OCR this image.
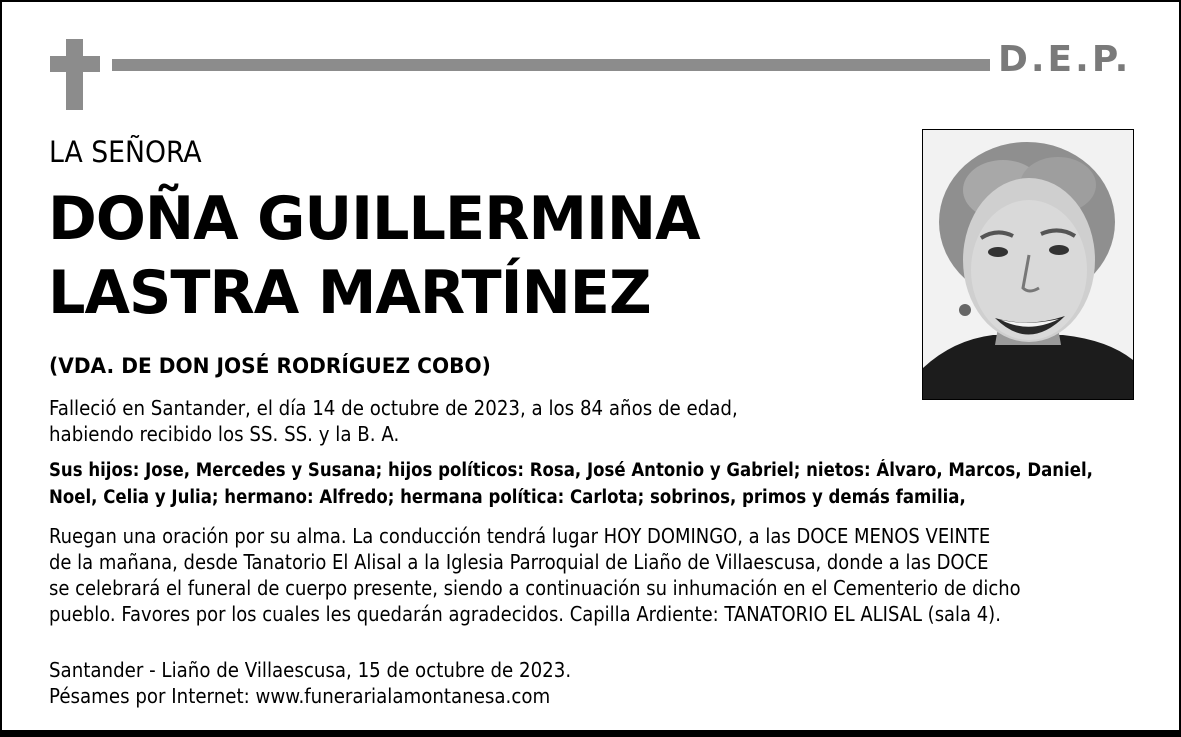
D.E.P.
LA SEÑORA
DOÑA GUILLERMINA
LASTRA MARTÍNEZ
(VDA. DE DON JOSÉ RODRÍGUEZ COBO)
Falleció en Santander, el día 14 de octubre de 2023, a los 84 años de edad,
habiendo recibido los SS. SS. y la B. A.
Sus hijos: Jose, Mercedes y Susana; hijos políticos: Rosa, José Antonio y Gabriel; nietos: Álvaro, Marcos, Daniel,
Noel, Celia y Julia; hermano: Alfredo; hermana política: Carlota; sobrinos, primos y demás familia,
Ruegan una oración por su alma. La conducción tendrá lugar HOY DOMINGO, a las DOCE MENOS VEINTE
de la mañana, desde Tanatorio El Alisal a la Iglesia Parroquial de Liaño de Villaescusa, donde a las DOCE
se celebrará el funeral de cuerpo presente, siendo a continuación su inhumación en el Cementerio de dicho
pueblo. Favores por los cuales les quedarán agradecidos. Capilla Ardiente: TANATORIO EL ALISAL (sala 4).
Santander - Liaño de Villaescusa, 15 de octubre de 2023.
Pésames por Internet: www.funerarialamontanesa.com
